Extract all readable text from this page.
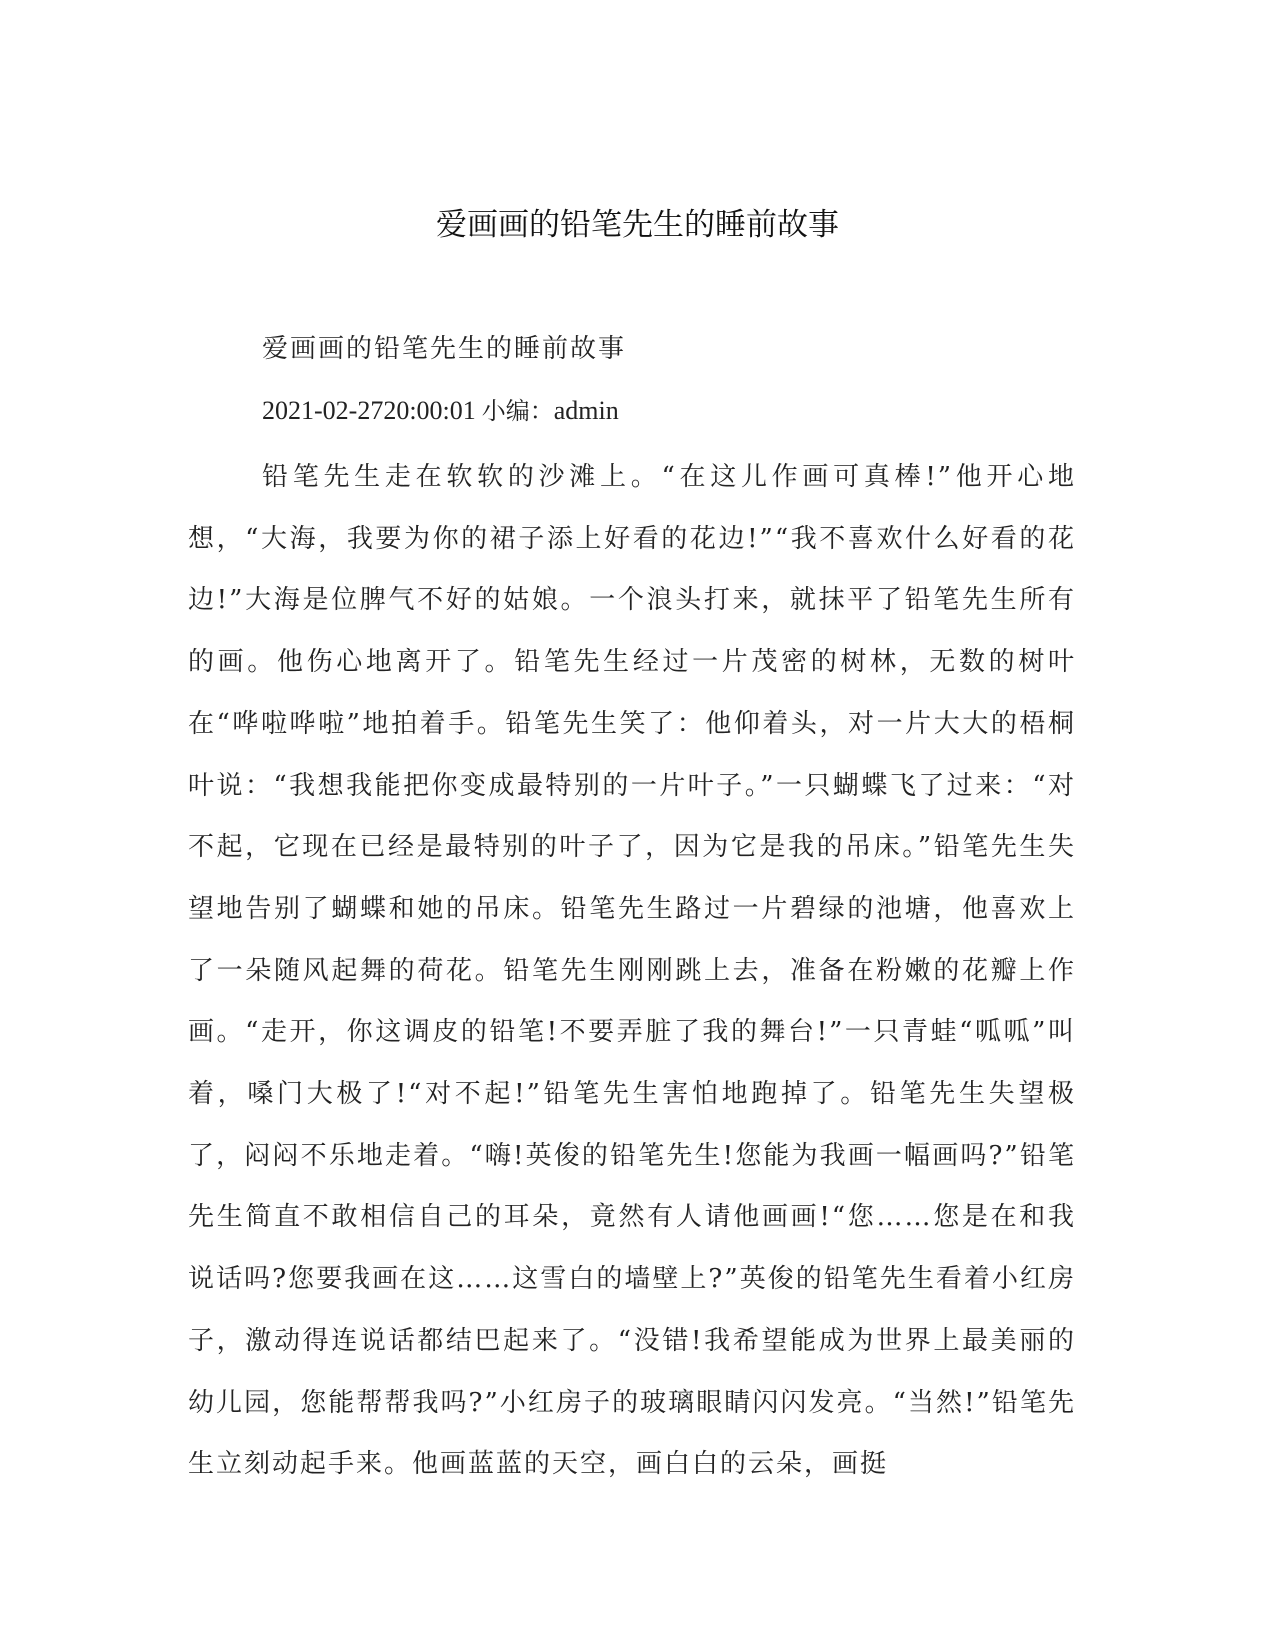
爱画画的铅笔先生的睡前故事

爱画画的铅笔先生的睡前故事

2021-02-2720:00:01 小编：admin

铅笔先生走在软软的沙滩上。“在这儿作画可真棒!”他开心地想，“大海，我要为你的裙子添上好看的花边!”“我不喜欢什么好看的花边!”大海是位脾气不好的姑娘。一个浪头打来，就抹平了铅笔先生所有的画。他伤心地离开了。铅笔先生经过一片茂密的树林，无数的树叶在“哗啦哗啦”地拍着手。铅笔先生笑了：他仰着头，对一片大大的梧桐叶说：“我想我能把你变成最特别的一片叶子。”一只蝴蝶飞了过来：“对不起，它现在已经是最特别的叶子了，因为它是我的吊床。”铅笔先生失望地告别了蝴蝶和她的吊床。铅笔先生路过一片碧绿的池塘，他喜欢上了一朵随风起舞的荷花。铅笔先生刚刚跳上去，准备在粉嫩的花瓣上作画。“走开，你这调皮的铅笔!不要弄脏了我的舞台!”一只青蛙“呱呱”叫着，嗓门大极了!“对不起!”铅笔先生害怕地跑掉了。铅笔先生失望极了，闷闷不乐地走着。“嗨!英俊的铅笔先生!您能为我画一幅画吗?”铅笔先生简直不敢相信自己的耳朵，竟然有人请他画画!“您……您是在和我说话吗?您要我画在这……这雪白的墙壁上?”英俊的铅笔先生看着小红房子，激动得连说话都结巴起来了。“没错!我希望能成为世界上最美丽的幼儿园，您能帮帮我吗?”小红房子的玻璃眼睛闪闪发亮。“当然!”铅笔先生立刻动起手来。他画蓝蓝的天空，画白白的云朵，画挺
